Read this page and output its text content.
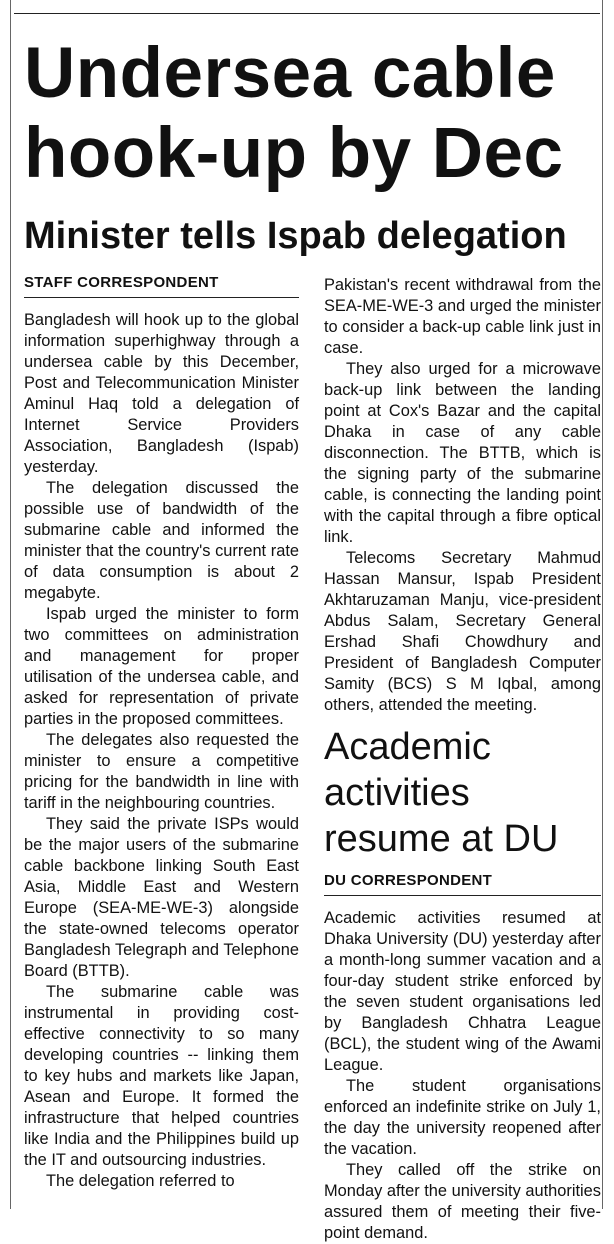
Undersea cable hook-up by Dec
Minister tells Ispab delegation
STAFF CORRESPONDENT

Bangladesh will hook up to the global information superhighway through a undersea cable by this December, Post and Telecommunication Minister Aminul Haq told a delegation of Internet Service Providers Association, Bangladesh (Ispab) yesterday.

The delegation discussed the possible use of bandwidth of the submarine cable and informed the minister that the country's current rate of data consumption is about 2 megabyte.

Ispab urged the minister to form two committees on administration and management for proper utilisation of the undersea cable, and asked for representation of private parties in the proposed committees.

The delegates also requested the minister to ensure a competitive pricing for the bandwidth in line with tariff in the neighbouring countries.

They said the private ISPs would be the major users of the submarine cable backbone linking South East Asia, Middle East and Western Europe (SEA-ME-WE-3) alongside the state-owned telecoms operator Bangladesh Telegraph and Telephone Board (BTTB).

The submarine cable was instrumental in providing cost-effective connectivity to so many developing countries -- linking them to key hubs and markets like Japan, Asean and Europe. It formed the infrastructure that helped countries like India and the Philippines build up the IT and outsourcing industries.

The delegation referred to

Pakistan's recent withdrawal from the SEA-ME-WE-3 and urged the minister to consider a back-up cable link just in case.

They also urged for a microwave back-up link between the landing point at Cox's Bazar and the capital Dhaka in case of any cable disconnection. The BTTB, which is the signing party of the submarine cable, is connecting the landing point with the capital through a fibre optical link.

Telecoms Secretary Mahmud Hassan Mansur, Ispab President Akhtaruzaman Manju, vice-president Abdus Salam, Secretary General Ershad Shafi Chowdhury and President of Bangladesh Computer Samity (BCS) S M Iqbal, among others, attended the meeting.

Academic activities resume at DU
DU CORRESPONDENT

Academic activities resumed at Dhaka University (DU) yesterday after a month-long summer vacation and a four-day student strike enforced by the seven student organisations led by Bangladesh Chhatra League (BCL), the student wing of the Awami League.

The student organisations enforced an indefinite strike on July 1, the day the university reopened after the vacation.

They called off the strike on Monday after the university authorities assured them of meeting their five-point demand.
